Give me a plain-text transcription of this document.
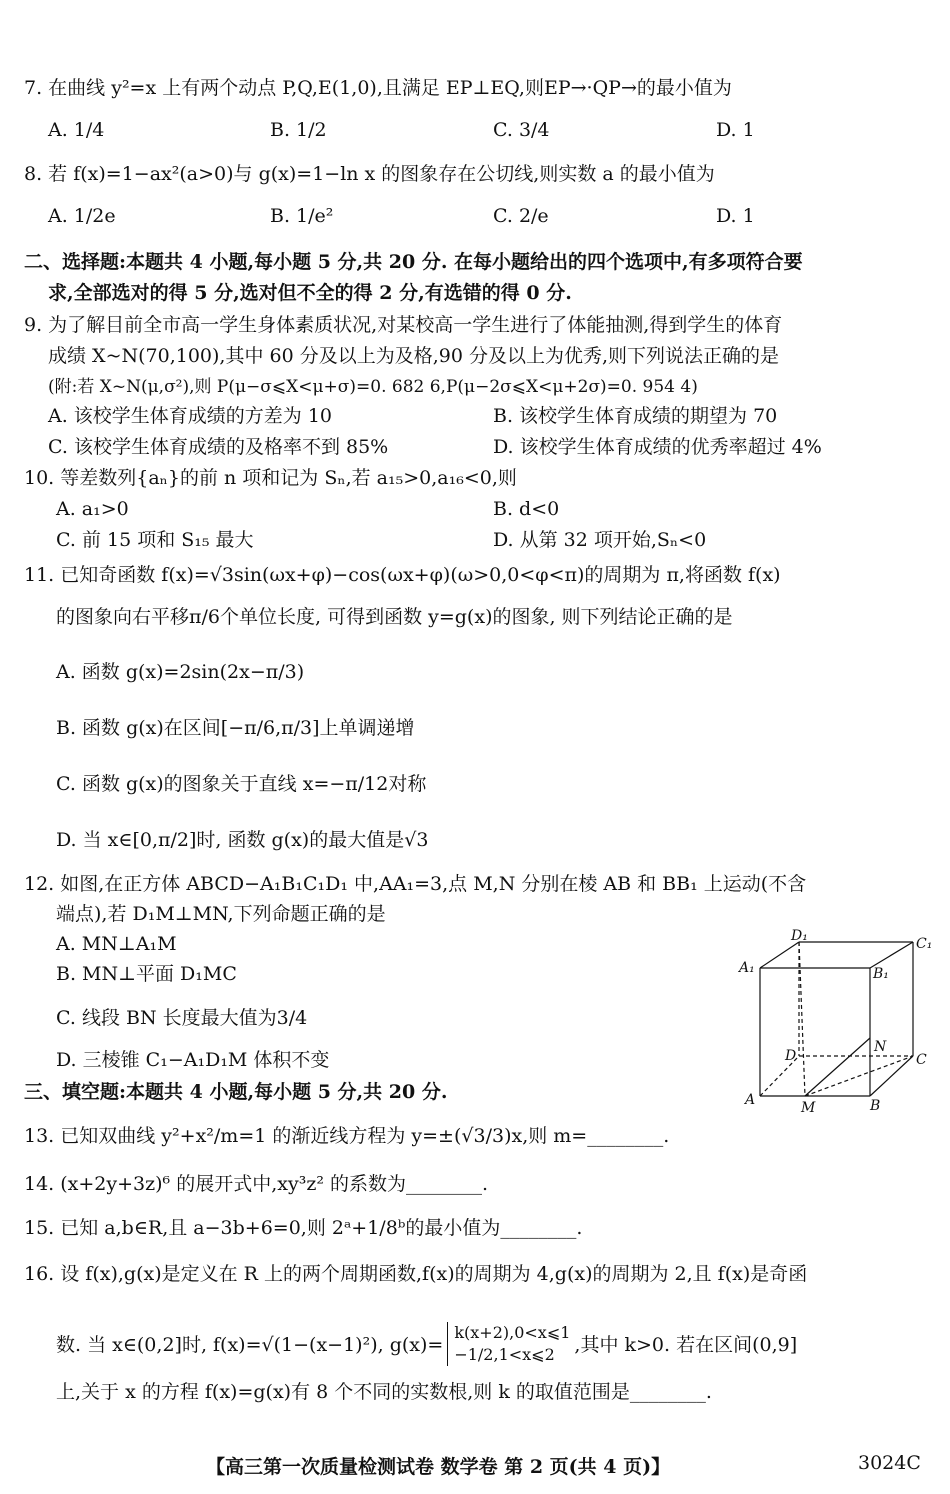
7. 在曲线 y²=x 上有两个动点 P,Q,E(1,0),且满足 EP⊥EQ,则EP→·QP→的最小值为
A. 1/4	B. 1/2	C. 3/4	D. 1
8. 若 f(x)=1−ax²(a>0)与 g(x)=1−ln x 的图象存在公切线,则实数 a 的最小值为
A. 1/2e	B. 1/e²	C. 2/e	D. 1
二、选择题:本题共 4 小题,每小题 5 分,共 20 分. 在每小题给出的四个选项中,有多项符合要
求,全部选对的得 5 分,选对但不全的得 2 分,有选错的得 0 分.
9. 为了解目前全市高一学生身体素质状况,对某校高一学生进行了体能抽测,得到学生的体育
成绩 X~N(70,100),其中 60 分及以上为及格,90 分及以上为优秀,则下列说法正确的是
(附:若 X~N(μ,σ²),则 P(μ−σ⩽X<μ+σ)=0. 682 6,P(μ−2σ⩽X<μ+2σ)=0. 954 4)
A. 该校学生体育成绩的方差为 10	B. 该校学生体育成绩的期望为 70
C. 该校学生体育成绩的及格率不到 85%	D. 该校学生体育成绩的优秀率超过 4%
10. 等差数列{aₙ}的前 n 项和记为 Sₙ,若 a₁₅>0,a₁₆<0,则
A. a₁>0	B. d<0
C. 前 15 项和 S₁₅ 最大	D. 从第 32 项开始,Sₙ<0
11. 已知奇函数 f(x)=√3sin(ωx+φ)−cos(ωx+φ)(ω>0,0<φ<π)的周期为 π,将函数 f(x)
的图象向右平移π/6个单位长度, 可得到函数 y=g(x)的图象, 则下列结论正确的是
A. 函数 g(x)=2sin(2x−π/3)
B. 函数 g(x)在区间[−π/6,π/3]上单调递增
C. 函数 g(x)的图象关于直线 x=−π/12对称
D. 当 x∈[0,π/2]时, 函数 g(x)的最大值是√3
12. 如图,在正方体 ABCD−A₁B₁C₁D₁ 中,AA₁=3,点 M,N 分别在棱 AB 和 BB₁ 上运动(不含
端点),若 D₁M⊥MN,下列命题正确的是
A. MN⊥A₁M
B. MN⊥平面 D₁MC
C. 线段 BN 长度最大值为3/4
D. 三棱锥 C₁−A₁D₁M 体积不变
D₁	C₁
A₁	B₁
D
N
C
A	M	B
三、填空题:本题共 4 小题,每小题 5 分,共 20 分.
13. 已知双曲线 y²+x²/m=1 的渐近线方程为 y=±(√3/3)x,则 m=________.
14. (x+2y+3z)⁶ 的展开式中,xy³z² 的系数为________.
15. 已知 a,b∈R,且 a−3b+6=0,则 2ᵃ+1/8ᵇ的最小值为________.
16. 设 f(x),g(x)是定义在 R 上的两个周期函数,f(x)的周期为 4,g(x)的周期为 2,且 f(x)是奇函
数. 当 x∈(0,2]时, f(x)=√(1−(x−1)²), g(x)=
k(x+2),0<x⩽1
−1/2,1<x⩽2	,其中 k>0. 若在区间(0,9]
上,关于 x 的方程 f(x)=g(x)有 8 个不同的实数根,则 k 的取值范围是________.
【高三第一次质量检测试卷 数学卷 第 2 页(共 4 页)】	3024C
